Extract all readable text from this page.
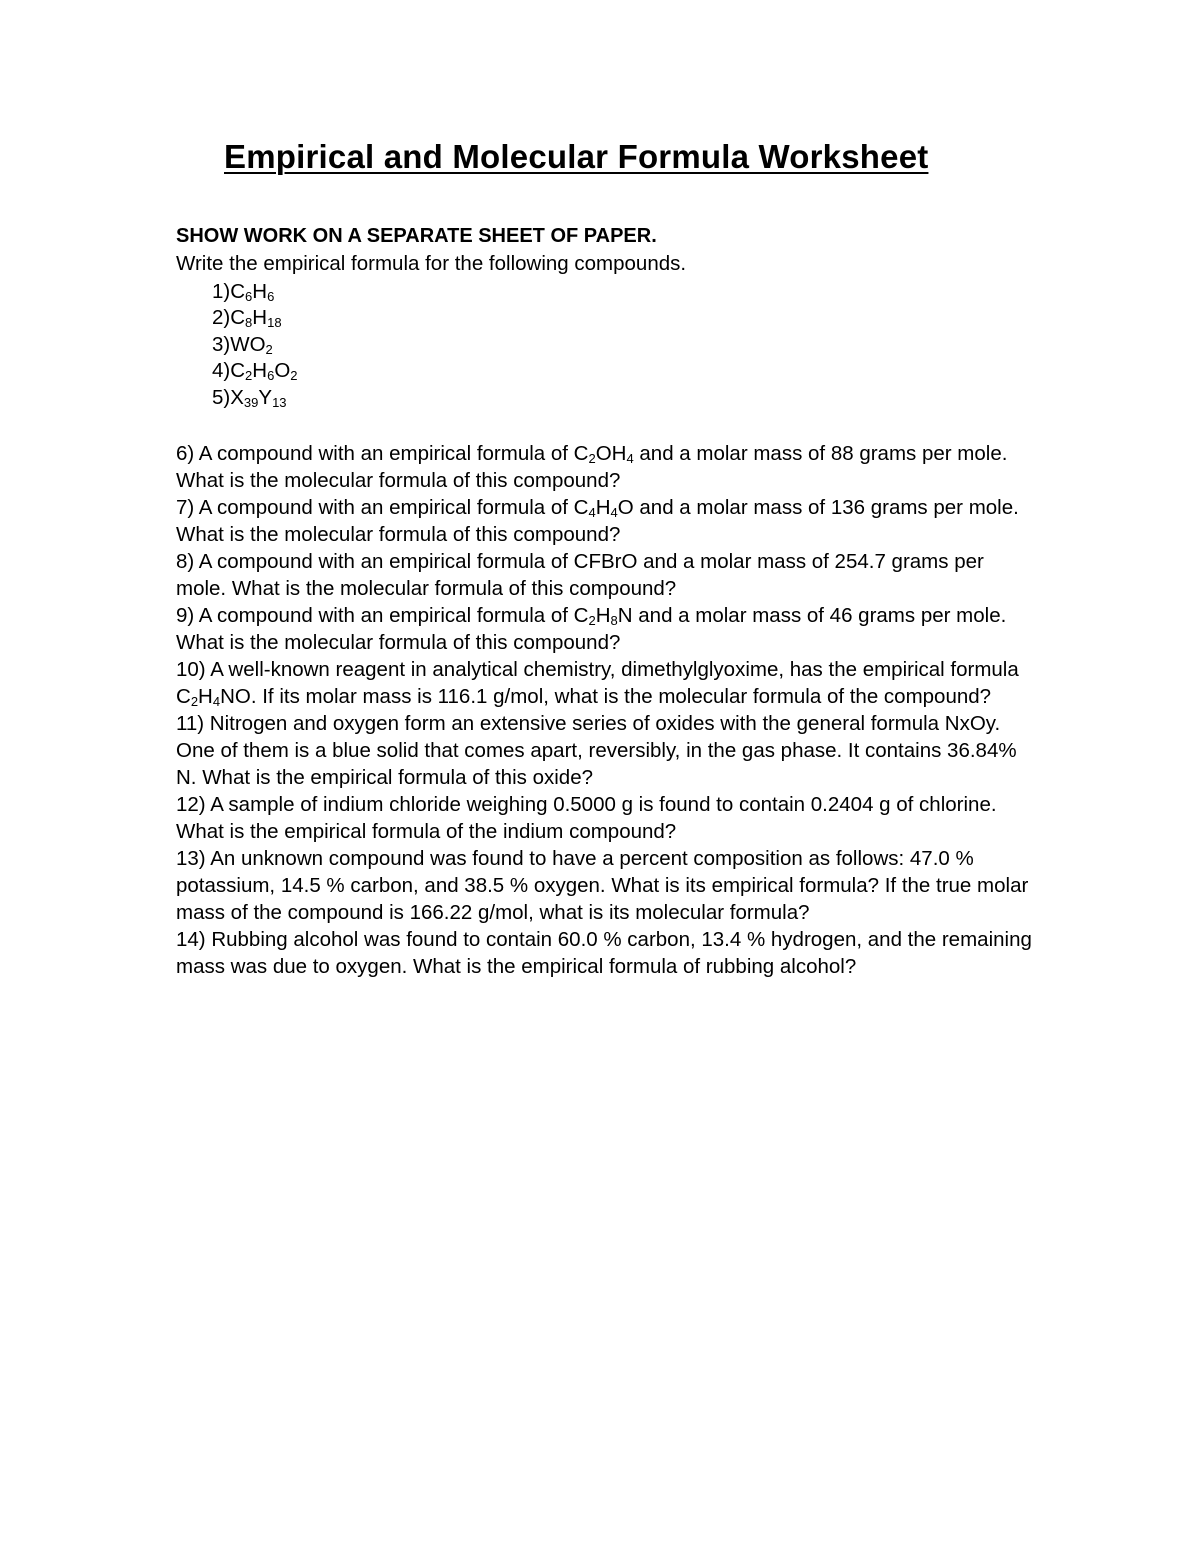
Empirical and Molecular Formula Worksheet
SHOW WORK ON A SEPARATE SHEET OF PAPER.
Write the empirical formula for the following compounds.
$1)C_6H_6$
$2)C_8H_{18}$
$3)WO_2$
$4)C_2H_6O_2$
$5)X_{39}Y_{13}$
6) A compound with an empirical formula of $C_2OH_4$ and a molar mass of 88 grams per mole. What is the molecular formula of this compound?
7) A compound with an empirical formula of $C_4H_4O$ and a molar mass of 136 grams per mole. What is the molecular formula of this compound?
8) A compound with an empirical formula of CFBrO and a molar mass of 254.7 grams per mole. What is the molecular formula of this compound?
9) A compound with an empirical formula of $C_2H_8N$ and a molar mass of 46 grams per mole. What is the molecular formula of this compound?
10) A well-known reagent in analytical chemistry, dimethylglyoxime, has the empirical formula $C_2H_4NO$. If its molar mass is 116.1 g/mol, what is the molecular formula of the compound?
11) Nitrogen and oxygen form an extensive series of oxides with the general formula NxOy. One of them is a blue solid that comes apart, reversibly, in the gas phase. It contains 36.84% N. What is the empirical formula of this oxide?
12) A sample of indium chloride weighing 0.5000 g is found to contain 0.2404 g of chlorine. What is the empirical formula of the indium compound?
13) An unknown compound was found to have a percent composition as follows: 47.0 % potassium, 14.5 % carbon, and 38.5 % oxygen. What is its empirical formula? If the true molar mass of the compound is 166.22 g/mol, what is its molecular formula?
14) Rubbing alcohol was found to contain 60.0 % carbon, 13.4 % hydrogen, and the remaining mass was due to oxygen. What is the empirical formula of rubbing alcohol?
